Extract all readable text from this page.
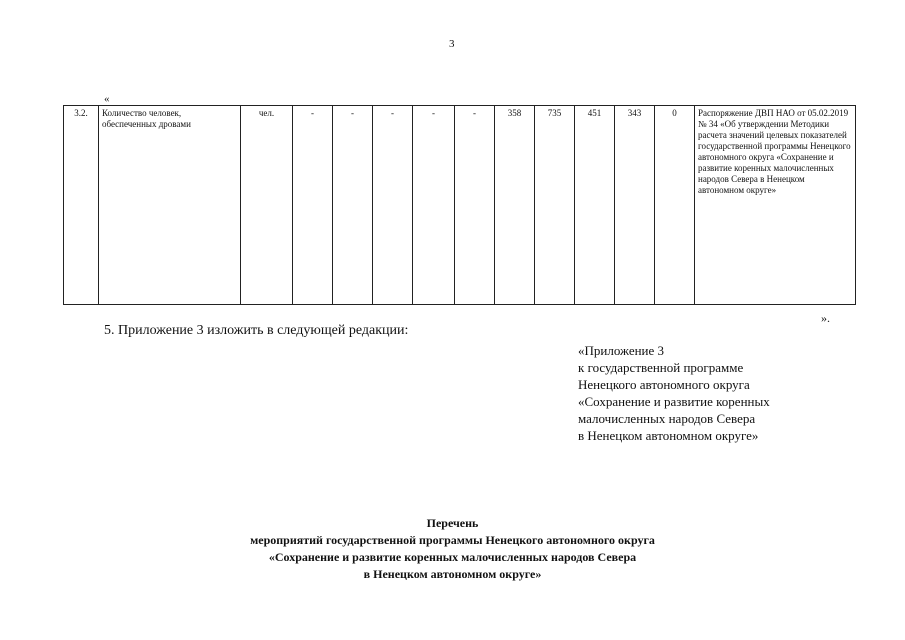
3
«
3.2.	Количество человек, обеспеченных дровами	чел.	-	-	-	-	-	358	735	451	343	0	Распоряжение ДВП НАО от 05.02.2019 № 34 «Об утверждении Методики расчета значений целевых показателей государственной программы Ненецкого автономного округа «Сохранение и развитие коренных малочисленных народов Севера в Ненецком автономном округе»
».
5. Приложение 3 изложить в следующей редакции:
«Приложение 3
к государственной программе
Ненецкого автономного округа
«Сохранение и развитие коренных
малочисленных народов Севера
в Ненецком автономном округе»
Перечень
мероприятий государственной программы Ненецкого автономного округа
«Сохранение и развитие коренных малочисленных народов Севера
в Ненецком автономном округе»
